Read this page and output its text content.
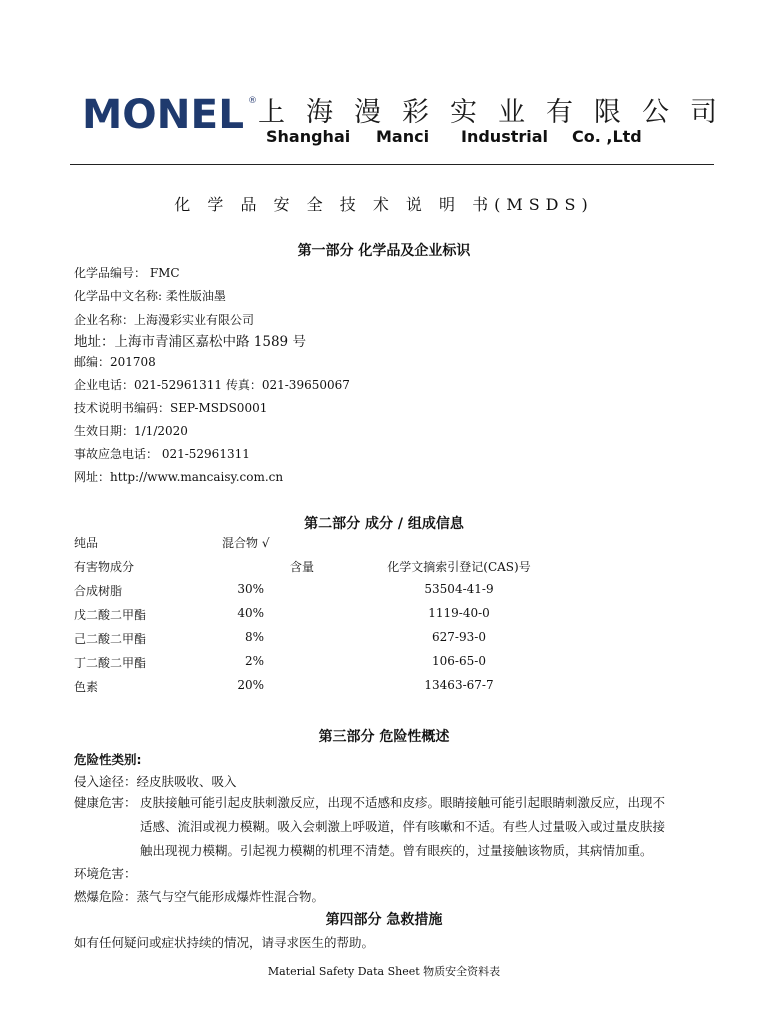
MONEL ® 上海漫彩实业有限公司
Shanghai Manci Industrial Co. ,Ltd
化 学 品 安 全 技 术 说 明 书(MSDS)
第一部分 化学品及企业标识
化学品编号： FMC
化学品中文名称: 柔性版油墨
企业名称：上海漫彩实业有限公司
地址：上海市青浦区嘉松中路 1589 号
邮编：201708
企业电话：021-52961311 传真：021-39650067
技术说明书编码：SEP-MSDS0001
生效日期：1/1/2020
事故应急电话： 021-52961311
网址：http://www.mancaisy.com.cn
第二部分 成分 / 组成信息
纯品	混合物 √
有害物成分	含量	化学文摘索引登记(CAS)号
合成树脂	30%	53504-41-9
戊二酸二甲酯	40%	1119-40-0
己二酸二甲酯	8%	627-93-0
丁二酸二甲酯	2%	106-65-0
色素	20%	13463-67-7
第三部分 危险性概述
危险性类别:
侵入途径：经皮肤吸收、吸入
健康危害： 皮肤接触可能引起皮肤刺激反应，出现不适感和皮疹。眼睛接触可能引起眼睛刺激反应，出现不
适感、流泪或视力模糊。吸入会刺激上呼吸道，伴有咳嗽和不适。有些人过量吸入或过量皮肤接
触出现视力模糊。引起视力模糊的机理不清楚。曾有眼疾的，过量接触该物质，其病情加重。
环境危害：
燃爆危险：蒸气与空气能形成爆炸性混合物。
第四部分 急救措施
如有任何疑问或症状持续的情况，请寻求医生的帮助。
Material Safety Data Sheet 物质安全资料表
